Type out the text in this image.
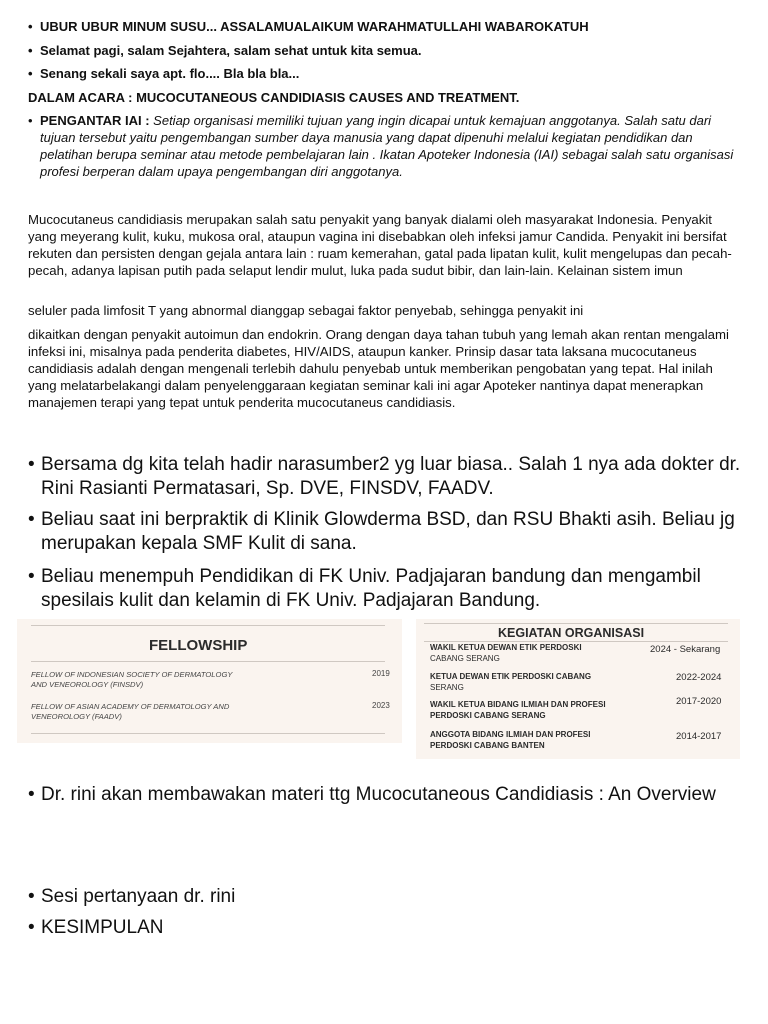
• UBUR UBUR MINUM SUSU... ASSALAMUALAIKUM WARAHMATULLAHI WABAROKATUH
• Selamat pagi, salam Sejahtera, salam sehat untuk kita semua.
• Senang sekali saya apt. flo.... Bla bla bla...
DALAM ACARA : MUCOCUTANEOUS CANDIDIASIS CAUSES AND TREATMENT.
• PENGANTAR IAI : Setiap organisasi memiliki tujuan yang ingin dicapai untuk kemajuan anggotanya. Salah satu dari tujuan tersebut yaitu pengembangan sumber daya manusia yang dapat dipenuhi melalui kegiatan pendidikan dan pelatihan berupa seminar atau metode pembelajaran lain . Ikatan Apoteker Indonesia (IAI) sebagai salah satu organisasi profesi berperan dalam upaya pengembangan diri anggotanya.

Mucocutaneus candidiasis merupakan salah satu penyakit yang banyak dialami oleh masyarakat Indonesia. Penyakit yang meyerang kulit, kuku, mukosa oral, ataupun vagina ini disebabkan oleh infeksi jamur Candida. Penyakit ini bersifat rekuten dan persisten dengan gejala antara lain : ruam kemerahan, gatal pada lipatan kulit, kulit mengelupas dan pecah-pecah, adanya lapisan putih pada selaput lendir mulut, luka pada sudut bibir, dan lain-lain. Kelainan sistem imun

seluler pada limfosit T yang abnormal dianggap sebagai faktor penyebab, sehingga penyakit ini

dikaitkan dengan penyakit autoimun dan endokrin. Orang dengan daya tahan tubuh yang lemah akan rentan mengalami infeksi ini, misalnya pada penderita diabetes, HIV/AIDS, ataupun kanker. Prinsip dasar tata laksana mucocutaneus candidiasis adalah dengan mengenali terlebih dahulu penyebab untuk memberikan pengobatan yang tepat. Hal inilah yang melatarbelakangi dalam penyelenggaraan kegiatan seminar kali ini agar Apoteker nantinya dapat menerapkan manajemen terapi yang tepat untuk penderita mucocutaneus candidiasis.

• Bersama dg kita telah hadir narasumber2 yg luar biasa.. Salah 1 nya ada dokter dr. Rini Rasianti Permatasari, Sp. DVE, FINSDV, FAADV.
• Beliau saat ini berpraktik di Klinik Glowderma BSD, dan RSU Bhakti asih. Beliau jg merupakan kepala SMF Kulit di sana.
• Beliau menempuh Pendidikan di FK Univ. Padjajaran bandung dan mengambil spesilais kulit dan kelamin di FK Univ. Padjajaran Bandung.
FELLOWSHIP
FELLOW OF INDONESIAN SOCIETY OF DERMATOLOGY
AND VENEOROLOGY (FINSDV)
2019
FELLOW OF ASIAN ACADEMY OF DERMATOLOGY AND
VENEOROLOGY (FAADV)
2023
KEGIATAN ORGANISASI
WAKIL KETUA DEWAN ETIK PERDOSKI
CABANG SERANG
2024 - Sekarang
KETUA DEWAN ETIK PERDOSKI CABANG
SERANG
2022-2024
WAKIL KETUA BIDANG ILMIAH DAN PROFESI
PERDOSKI CABANG SERANG
2017-2020
ANGGOTA BIDANG ILMIAH DAN PROFESI
PERDOSKI CABANG BANTEN
2014-2017
• Dr. rini akan membawakan materi ttg Mucocutaneous Candidiasis : An Overview
• Sesi pertanyaan dr. rini
• KESIMPULAN
